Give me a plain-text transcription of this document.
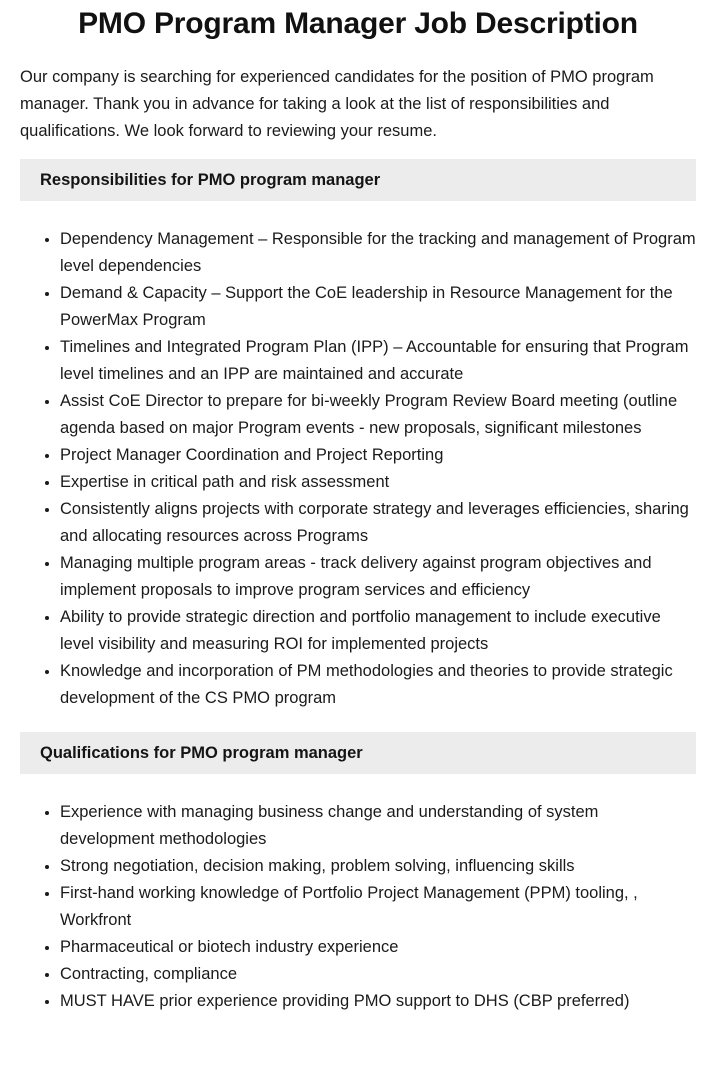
PMO Program Manager Job Description

Our company is searching for experienced candidates for the position of PMO program manager. Thank you in advance for taking a look at the list of responsibilities and qualifications. We look forward to reviewing your resume.

Responsibilities for PMO program manager
• Dependency Management – Responsible for the tracking and management of Program level dependencies
• Demand & Capacity – Support the CoE leadership in Resource Management for the PowerMax Program
• Timelines and Integrated Program Plan (IPP) – Accountable for ensuring that Program level timelines and an IPP are maintained and accurate
• Assist CoE Director to prepare for bi-weekly Program Review Board meeting (outline agenda based on major Program events - new proposals, significant milestones
• Project Manager Coordination and Project Reporting
• Expertise in critical path and risk assessment
• Consistently aligns projects with corporate strategy and leverages efficiencies, sharing and allocating resources across Programs
• Managing multiple program areas - track delivery against program objectives and implement proposals to improve program services and efficiency
• Ability to provide strategic direction and portfolio management to include executive level visibility and measuring ROI for implemented projects
• Knowledge and incorporation of PM methodologies and theories to provide strategic development of the CS PMO program
Qualifications for PMO program manager
• Experience with managing business change and understanding of system development methodologies
• Strong negotiation, decision making, problem solving, influencing skills
• First-hand working knowledge of Portfolio Project Management (PPM) tooling, , Workfront
• Pharmaceutical or biotech industry experience
• Contracting, compliance
• MUST HAVE prior experience providing PMO support to DHS (CBP preferred)
